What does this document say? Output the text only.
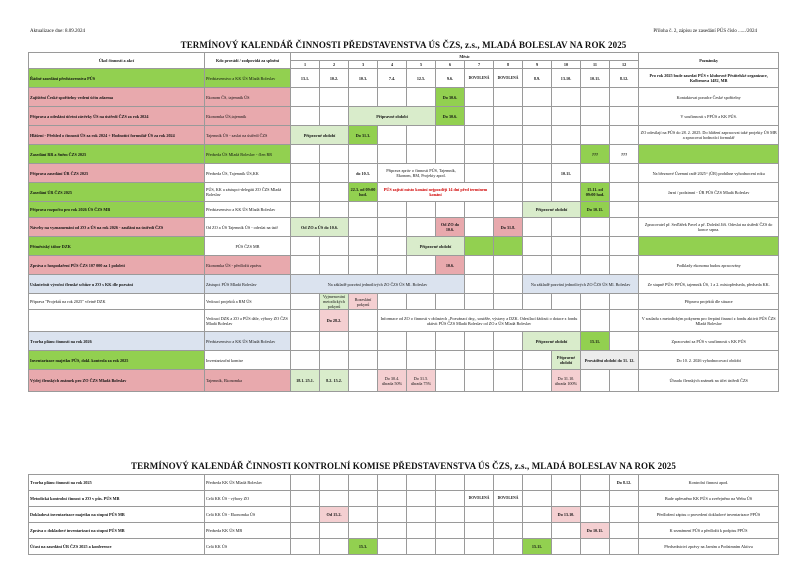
Aktualizace dne: 8.09.2024	Příloha č. 2, zápisu ze zasedání PÚS číslo ....../2024
TERMÍNOVÝ KALENDÁŘ ČINNOSTI PŘEDSTAVENSTVA ÚS ČZS, z.s., MLADÁ BOLESLAV NA ROK 2025
Úkol činnosti a akcí	Kdo provádí / zodpovídá za splnění	Měsíc												Poznámky
		1	2	3	4	5	6	7	8	9	10	11	12	
Řádné zasedání představenstva PÚS	Představenstvo a KK ÚS Mladá Boleslav	13.1.	10.2.	10.3.	7.4.	12.5.	9.6.	DOVOLENÁ	DOVOLENÁ	8.9.	13.10.	10.11.	8.12.	Pro rok 2025 bude zasedat PÚS v klubovně Pěstitelské organizace, Kolbenova 1482, MB
Zajištění České spořitelny vedení účtu zdarma	Ekonom ČS, tajemník ÚS						Do 30.6.							Kontaktovat poradce České spořitelny
Příprava a odeslání účetní závěrky ÚS na ústředí ČZS za rok 2024	Ekonomka ÚS,tajemník			Přípravné období			Do 30.6.							V součinnosti s PPÚS a KK PÚS.
Hlášení - Přehled o činnosti ÚS za rok 2024 + Hodnotící formulář ÚS za rok 2024	Tajemník ÚS - zaslat na ústředí ČZS	Přípravné období		Do 31.3.										ZO odesílají na PÚS do 28. 2. 2025. Do hlášení zapracovat také projekty ÚS MB a zpracovat hodnotící formulář
Zasedání RR a Sněm ČZS 2025	Předseda ÚS Mladá Boleslav - člen RR											???	???	
Příprava zasedání ÚR ČZS 2025	Předseda ÚS, Tajemník ÚS,KK			do 10.3.	Připrava zpráv o činnosti PÚS, Tajemník, Ekonom, RM, Projekty apod.						10.11.			Na březnové Územní radě 2025“ (ÚR) probíhne vyhodnocení roku
Zasedání ÚR ČZS 2025	PÚS, KK a zástupci-delegáti ZO ČZS Mladá Boleslav			22.3. od 09:00 hod.	PÚS zajistí místo konání nejpozději 14 dní před termínem konání							15.11. od 09:00 hod.		Jarní / podzimní - ÚR PÚS ČZS Mladá Boleslav
Příprava rozpočtu pro rok 2026 ÚS ČZS MB	Představenstvo a KK ÚS Mladá Boleslav									Přípravné období		Do 10.11.		
Návrhy na vyznamenání od ZO a ÚS na rok 2026 - zasílání na ústředí ČZS	Od ZO a ÚS Tajemník ÚS - odeslat na ústř	Od ZO a ÚS do 10.6.					Od ZO do 10.6.		Do 31.8.					Zpracovatel př. Seďlářek Pavel a př. Doležal Jiří. Odeslat na ústředí ČZS do konce srpna.
Příměstský tábor DZK	PÚS ČZS MB					Přípravné období								
Zpráva o hospodaření PÚS ČZS 107 000 za 1 pololetí	Ekonomka ÚS - předložit zprávu						10.6.							Podklady ekonoma budou zpracovány
Uskutečnit výroční členské schůze u ZO s KK dle pozvání	Zástupci PÚS Mladá Boleslav	Na základě pozvání jednotlivých ZO ČZS ÚS Ml. Boleslav								Na základě pozvání jednotlivých ZO ČZS ÚS Ml. Boleslav				Ze stupně PÚS: PPÚS, tajemník ÚS, 1 a 2. místopředseda, předseda KK.
Připrava "Projektů na rok 2025" včetně DZK	Vedoucí projektů a RM ÚS		Vyjmenování metodických pokynů	Rozeslání pokynů										Připrava projektů dle situace
	Vedoucí DZK a ZO a PÚS dále, výbory ZO ČZS Mladá Boleslav		Do 28.2.		Informace od ZO o činnosti v oblastech „Pozvánací dny,, soutěže, výstavy a DZK. Odesílací žádosti o dotace z fondu aktivit PÚS ČZS Mladá Boleslav od ZO a ÚS Mladá Boleslav									V souladu s metodickým pokynem pro čerpání financí z fondu aktivit PÚS ČZS Mladá Boleslav
Tvorba plánu činnosti na rok 2026	Představenstvo a KK ÚS Mladá Boleslav									Přípravné období		15.11.		Zpracování za PÚS v součinnosti s KK PÚS
Inventarizace majetku PÚS, dokl. kontrola za rok 2025	Inventarizační komise										Přípravné období	Provádění období do 31. 12.		Do 10. 2. 2026 vyhodnocovací období
Výdej členských známek pro ZO ČZS Mladá Boleslav	Tajemník, Ekonomka	18.1. 25.1.	8.2. 15.2.		Do 30.4. úhrada 50%	Do 31.5. úhrada 75%					Do 31.10. úhrada 100%			Úhrada členských známek na účet ústředí ČZS
TERMÍNOVÝ KALENDÁŘ ČINNOSTI KONTROLNÍ KOMISE PŘEDSTAVENSTVA ÚS ČZS, z.s., MLADÁ BOLESLAV NA ROK 2025
Tvorba plánu činnosti na rok 2025	Předseda KK ÚS Mladá Boleslav												Do 8.12.	Kontrolní činnost apod.
Metodická kontrolní činnost u ZO v půs. PÚS MB	Celá KK ÚS - výbory ZO							DOVOLENÁ	DOVOLENÁ					Bude upřesněno KK PÚS a zveřejněno na Webu ÚS
Dokladová inventarizace majetku na stupni PÚS MB	Celá KK ÚS - Ekonomka ÚS		Od 15.2.								Do 13.10.			Předložení zápisu o provedení dokladové inventarizace PPÚS
Zpráva o dokladové inventarizaci na stupni PÚS MB	Předseda KK ÚS MB											Do 10.11.		K seznámení PÚS a předložit k podpisu PPÚS
Účast na zasedání ÚR ČZS 2025 a konference	Celá KK ÚS			15.3.						15.11.				Předsednictví zprávy na Jarním a Podzimním Aktivu
